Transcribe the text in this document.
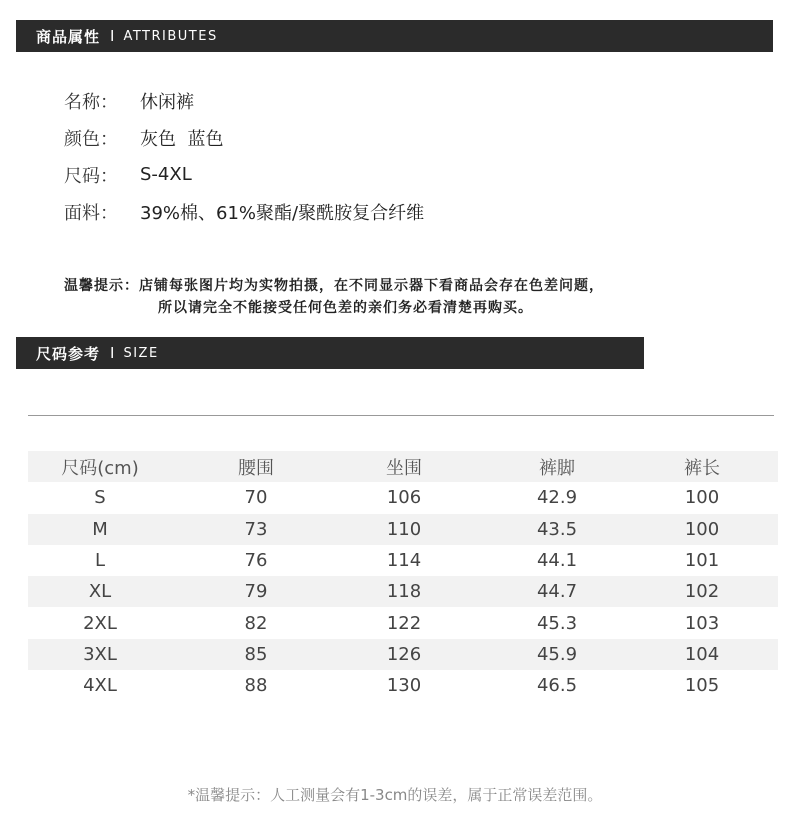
商品属性 I ATTRIBUTES
名称：	休闲裤
颜色：	灰色  蓝色
尺码：	S-4XL
面料：	39%棉、61%聚酯/聚酰胺复合纤维
温馨提示：店铺每张图片均为实物拍摄，在不同显示器下看商品会存在色差问题，
所以请完全不能接受任何色差的亲们务必看清楚再购买。
尺码参考 I SIZE
尺码(cm)	腰围	坐围	裤脚	裤长
S	70	106	42.9	100
M	73	110	43.5	100
L	76	114	44.1	101
XL	79	118	44.7	102
2XL	82	122	45.3	103
3XL	85	126	45.9	104
4XL	88	130	46.5	105
*温馨提示：人工测量会有1-3cm的误差，属于正常误差范围。
